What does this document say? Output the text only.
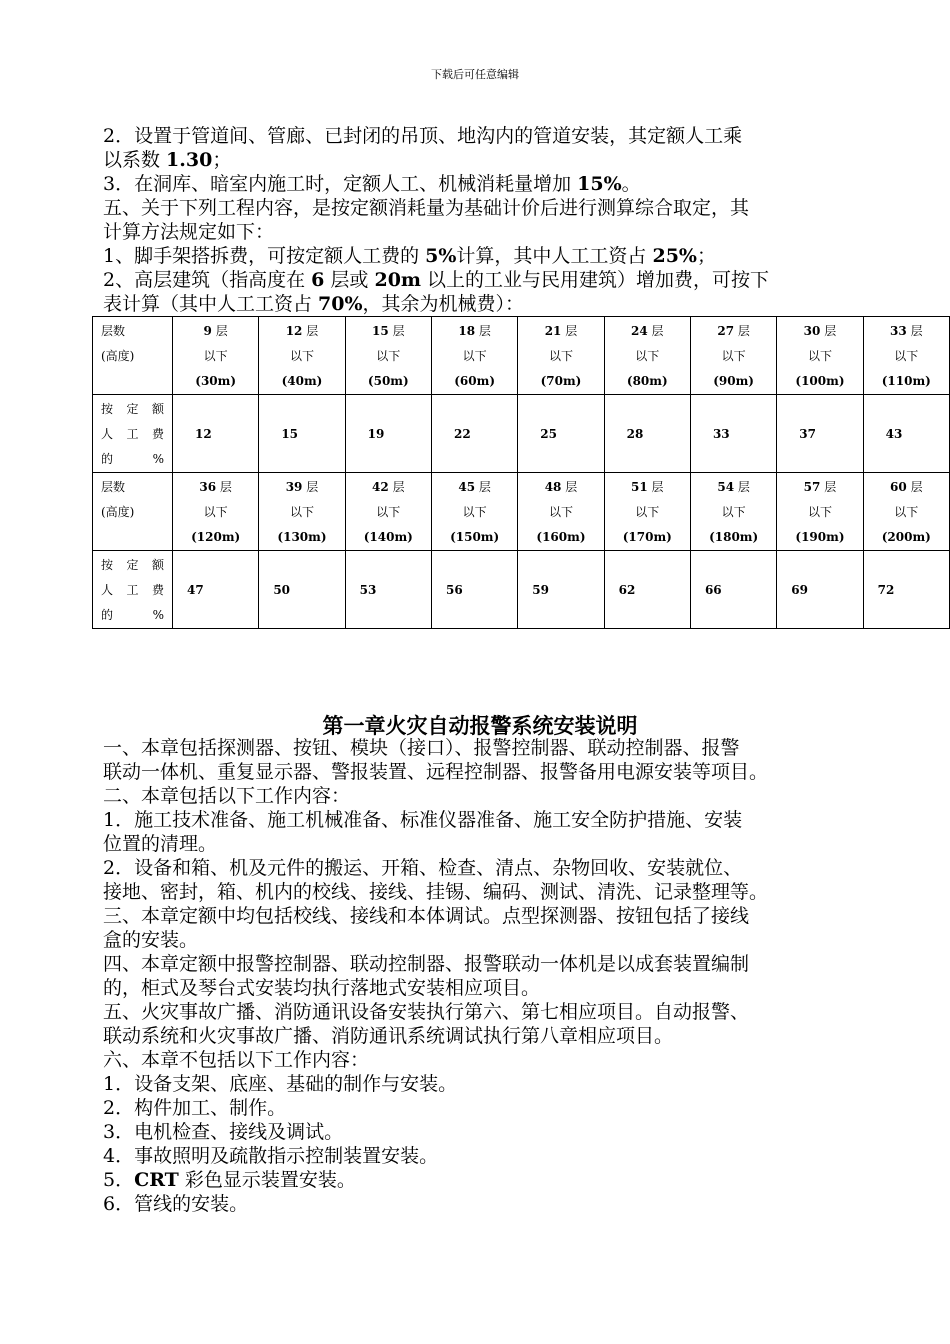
下载后可任意编辑

2．设置于管道间、管廊、已封闭的吊顶、地沟内的管道安装，其定额人工乘

以系数 1.30；

3．在洞库、暗室内施工时，定额人工、机械消耗量增加 15%。

五、关于下列工程内容，是按定额消耗量为基础计价后进行测算综合取定，其

计算方法规定如下：

1、脚手架搭拆费，可按定额人工费的 5%计算，其中人工工资占 25%；

2、高层建筑（指高度在 6 层或 20m 以上的工业与民用建筑）增加费，可按下

表计算（其中人工工资占 70%，其余为机械费）：

层数
(高度)	9 层
以下
(30m)	12 层
以下
(40m)	15 层
以下
(50m)	18 层
以下
(60m)	21 层
以下
(70m)	24 层
以下
(80m)	27 层
以下
(90m)	30 层
以下
(100m)	33 层
以下
(110m)
按 定 额
人 工 费
的%	12	15	19	22	25	28	33	37	43
层数
(高度)	36 层
以下
(120m)	39 层
以下
(130m)	42 层
以下
(140m)	45 层
以下
(150m)	48 层
以下
(160m)	51 层
以下
(170m)	54 层
以下
(180m)	57 层
以下
(190m)	60 层
以下
(200m)
按 定 额
人 工 费
的%	47	50	53	56	59	62	66	69	72
第一章火灾自动报警系统安装说明

一、本章包括探测器、按钮、模块（接口）、报警控制器、联动控制器、报警

联动一体机、重复显示器、警报装置、远程控制器、报警备用电源安装等项目。

二、本章包括以下工作内容：

1．施工技术准备、施工机械准备、标准仪器准备、施工安全防护措施、安装

位置的清理。

2．设备和箱、机及元件的搬运、开箱、检查、清点、杂物回收、安装就位、

接地、密封，箱、机内的校线、接线、挂锡、编码、测试、清洗、记录整理等。

三、本章定额中均包括校线、接线和本体调试。点型探测器、按钮包括了接线

盒的安装。

四、本章定额中报警控制器、联动控制器、报警联动一体机是以成套装置编制

的，柜式及琴台式安装均执行落地式安装相应项目。

五、火灾事故广播、消防通讯设备安装执行第六、第七相应项目。自动报警、

联动系统和火灾事故广播、消防通讯系统调试执行第八章相应项目。

六、本章不包括以下工作内容：

1．设备支架、底座、基础的制作与安装。

2．构件加工、制作。

3．电机检查、接线及调试。

4．事故照明及疏散指示控制装置安装。

5．CRT 彩色显示装置安装。

6．管线的安装。
